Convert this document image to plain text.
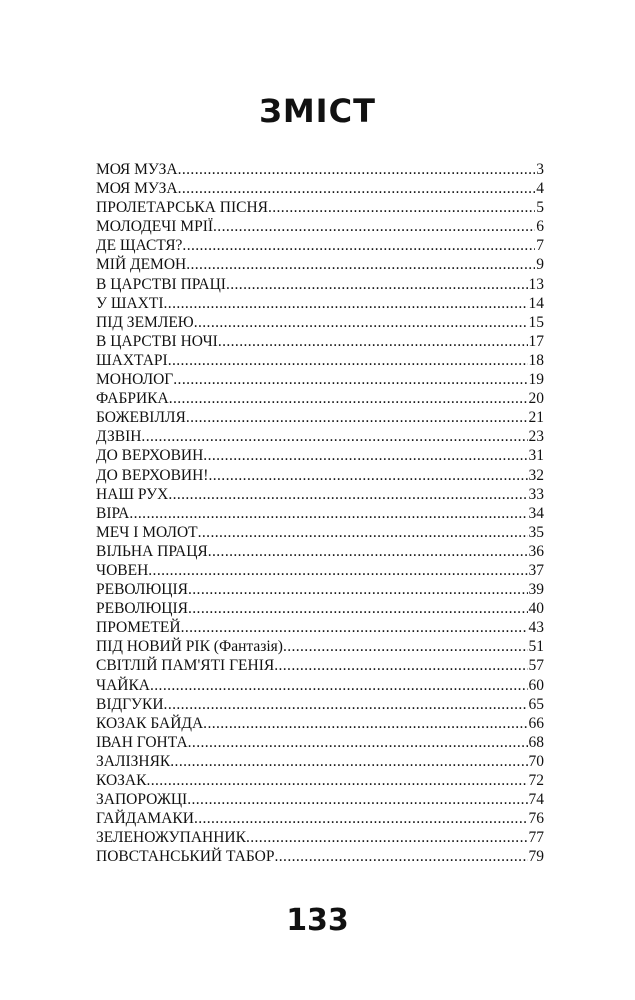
ЗМІСТ
МОЯ МУЗА .....	3
МОЯ МУЗА .....	4
ПРОЛЕТАРСЬКА ПІСНЯ .....	5
МОЛОДЕЧІ МРІЇ .....	6
ДЕ ЩАСТЯ? .....	7
МІЙ ДЕМОН .....	9
В ЦАРСТВІ ПРАЦІ .....	13
У ШАХТІ .....	14
ПІД ЗЕМЛЕЮ .....	15
В ЦАРСТВІ НОЧІ .....	17
ШАХТАРІ .....	18
МОНОЛОГ .....	19
ФАБРИКА .....	20
БОЖЕВІЛЛЯ .....	21
ДЗВІН .....	23
ДО ВЕРХОВИН .....	31
ДО ВЕРХОВИН! .....	32
НАШ РУХ .....	33
ВІРА .....	34
МЕЧ І МОЛОТ .....	35
ВІЛЬНА ПРАЦЯ .....	36
ЧОВЕН .....	37
РЕВОЛЮЦІЯ .....	39
РЕВОЛЮЦІЯ .....	40
ПРОМЕТЕЙ .....	43
ПІД НОВИЙ РІК (Фантазія) .....	51
СВІТЛІЙ ПАМ'ЯТІ ГЕНІЯ .....	57
ЧАЙКА .....	60
ВІДГУКИ .....	65
КОЗАК БАЙДА .....	66
ІВАН ГОНТА .....	68
ЗАЛІЗНЯК .....	70
КОЗАК .....	72
ЗАПОРОЖЦІ .....	74
ГАЙДАМАКИ .....	76
ЗЕЛЕНОЖУПАННИК .....	77
ПОВСТАНСЬКИЙ ТАБОР .....	79
133
